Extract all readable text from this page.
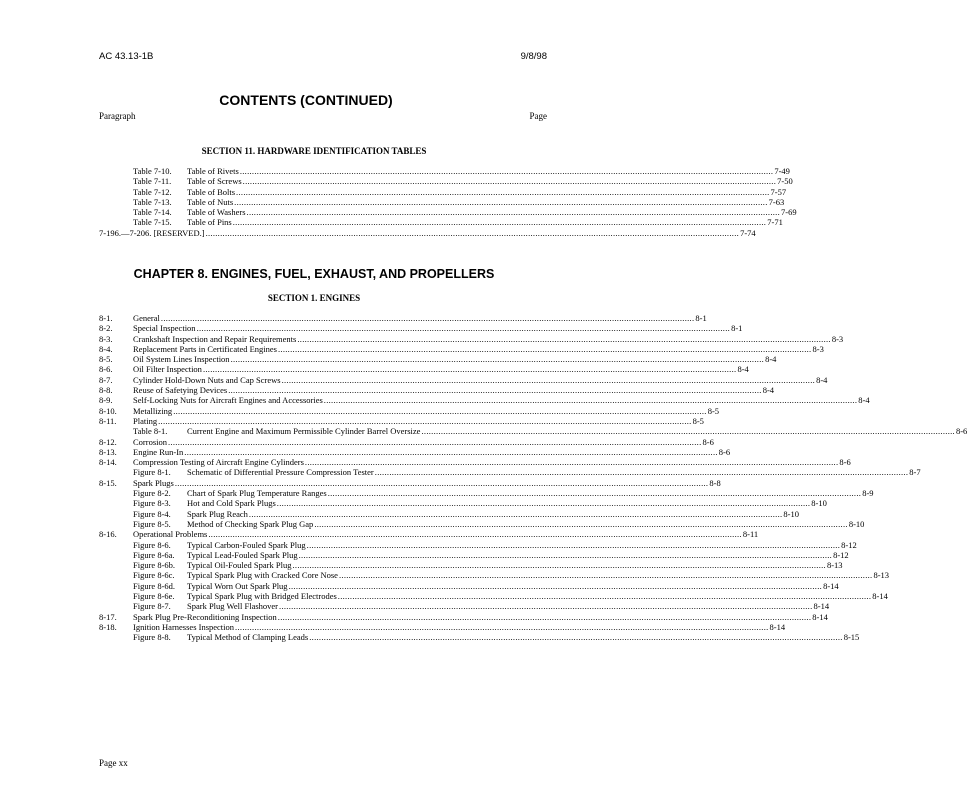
AC 43.13-1B	9/8/98
CONTENTS (CONTINUED)
Paragraph	Page
SECTION 11. HARDWARE IDENTIFICATION TABLES
Table 7-10.	Table of Rivets ............................................................................................................................................................................................................................ 7-49
Table 7-11.	Table of Screws ............................................................................................................................................................................................................................ 7-50
Table 7-12.	Table of Bolts ............................................................................................................................................................................................................................ 7-57
Table 7-13.	Table of Nuts ............................................................................................................................................................................................................................ 7-63
Table 7-14.	Table of Washers ............................................................................................................................................................................................................................ 7-69
Table 7-15.	Table of Pins ............................................................................................................................................................................................................................ 7-71
7-196.—7-206. [RESERVED.] ............................................................................................................................................................................................................................ 7-74
CHAPTER 8. ENGINES, FUEL, EXHAUST, AND PROPELLERS
SECTION 1. ENGINES
8-1.	General ............................................................................................................................................................................................................................ 8-1
8-2.	Special Inspection ............................................................................................................................................................................................................................ 8-1
8-3.	Crankshaft Inspection and Repair Requirements ............................................................................................................................................................................................................................ 8-3
8-4.	Replacement Parts in Certificated Engines ............................................................................................................................................................................................................................ 8-3
8-5.	Oil System Lines Inspection ............................................................................................................................................................................................................................ 8-4
8-6.	Oil Filter Inspection ............................................................................................................................................................................................................................ 8-4
8-7.	Cylinder Hold-Down Nuts and Cap Screws ............................................................................................................................................................................................................................ 8-4
8-8.	Reuse of Safetying Devices ............................................................................................................................................................................................................................ 8-4
8-9.	Self-Locking Nuts for Aircraft Engines and Accessories ............................................................................................................................................................................................................................ 8-4
8-10.	Metallizing ............................................................................................................................................................................................................................ 8-5
8-11.	Plating ............................................................................................................................................................................................................................ 8-5
Table 8-1.	Current Engine and Maximum Permissible Cylinder Barrel Oversize ............................................................................................................................................................................................................................ 8-6
8-12.	Corrosion ............................................................................................................................................................................................................................ 8-6
8-13.	Engine Run-In ............................................................................................................................................................................................................................ 8-6
8-14.	Compression Testing of Aircraft Engine Cylinders ............................................................................................................................................................................................................................ 8-6
Figure 8-1.	Schematic of Differential Pressure Compression Tester ............................................................................................................................................................................................................................ 8-7
8-15.	Spark Plugs ............................................................................................................................................................................................................................ 8-8
Figure 8-2.	Chart of Spark Plug Temperature Ranges ............................................................................................................................................................................................................................ 8-9
Figure 8-3.	Hot and Cold Spark Plugs ............................................................................................................................................................................................................................ 8-10
Figure 8-4.	Spark Plug Reach ............................................................................................................................................................................................................................ 8-10
Figure 8-5.	Method of Checking Spark Plug Gap ............................................................................................................................................................................................................................ 8-10
8-16.	Operational Problems ............................................................................................................................................................................................................................ 8-11
Figure 8-6.	Typical Carbon-Fouled Spark Plug ............................................................................................................................................................................................................................ 8-12
Figure 8-6a.	Typical Lead-Fouled Spark Plug ............................................................................................................................................................................................................................ 8-12
Figure 8-6b.	Typical Oil-Fouled Spark Plug ............................................................................................................................................................................................................................ 8-13
Figure 8-6c.	Typical Spark Plug with Cracked Core Nose ............................................................................................................................................................................................................................ 8-13
Figure 8-6d.	Typical Worn Out Spark Plug ............................................................................................................................................................................................................................ 8-14
Figure 8-6e.	Typical Spark Plug with Bridged Electrodes ............................................................................................................................................................................................................................ 8-14
Figure 8-7.	Spark Plug Well Flashover ............................................................................................................................................................................................................................ 8-14
8-17.	Spark Plug Pre-Reconditioning Inspection ............................................................................................................................................................................................................................ 8-14
8-18.	Ignition Harnesses Inspection ............................................................................................................................................................................................................................ 8-14
Figure 8-8.	Typical Method of Clamping Leads ............................................................................................................................................................................................................................ 8-15
Page xx
